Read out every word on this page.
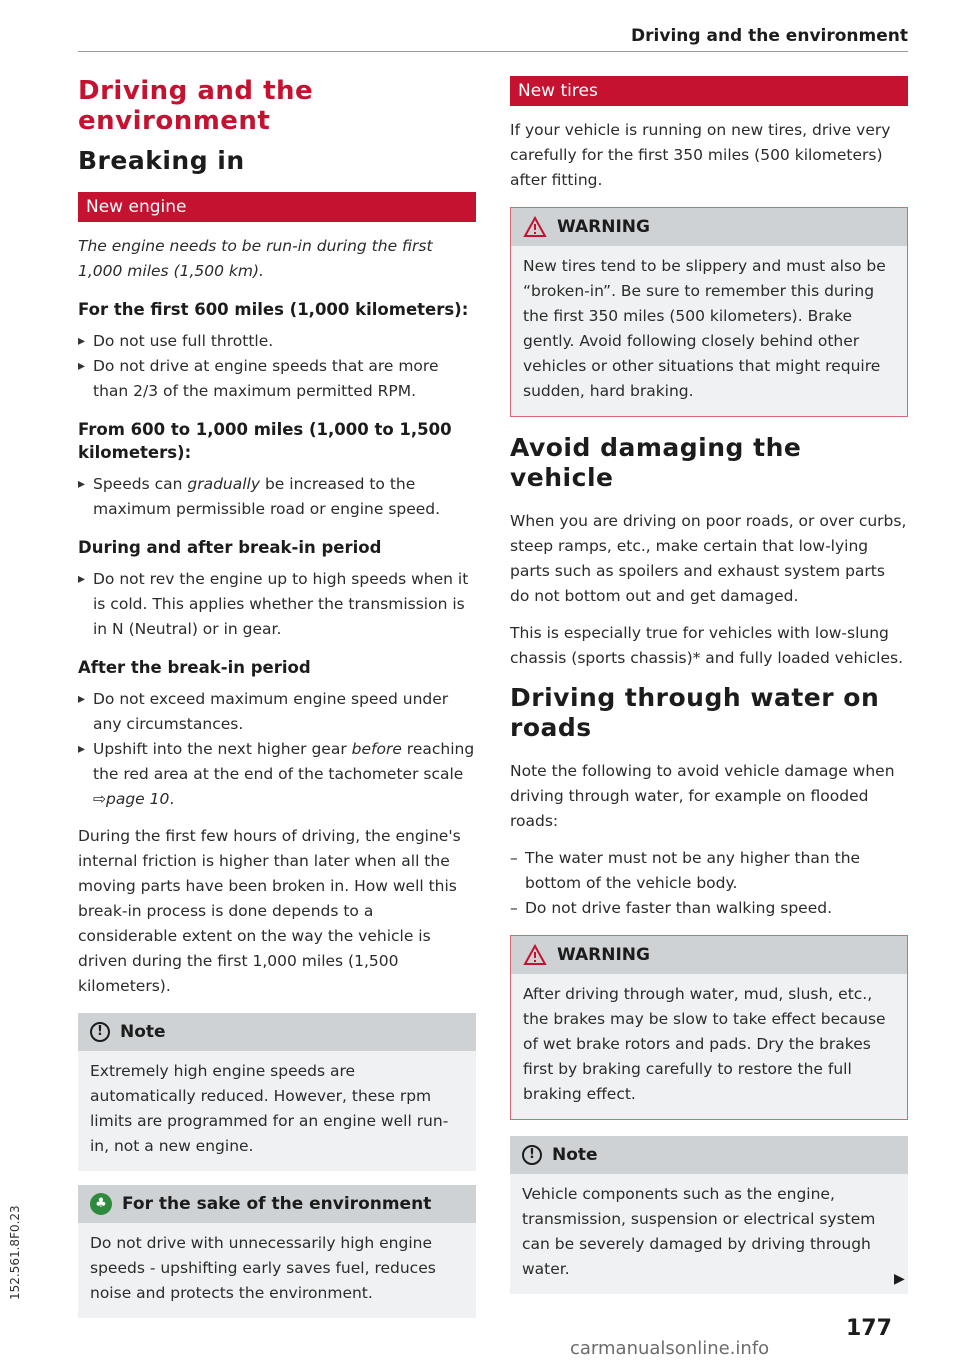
Driving and the environment
Driving and the environment
Breaking in
New engine

The engine needs to be run-in during the first 1,000 miles (1,500 km).

For the first 600 miles (1,000 kilometers):
▸ Do not use full throttle.
▸ Do not drive at engine speeds that are more than 2/3 of the maximum permitted RPM.
From 600 to 1,000 miles (1,000 to 1,500 kilometers):
▸ Speeds can gradually be increased to the maximum permissible road or engine speed.
During and after break-in period
▸ Do not rev the engine up to high speeds when it is cold. This applies whether the transmission is in N (Neutral) or in gear.
After the break-in period
▸ Do not exceed maximum engine speed under any circumstances.
▸ Upshift into the next higher gear before reaching the red area at the end of the tachometer scale ⇨page 10.

During the first few hours of driving, the engine's internal friction is higher than later when all the moving parts have been broken in. How well this break-in process is done depends to a considerable extent on the way the vehicle is driven during the first 1,000 miles (1,500 kilometers).

!	Note

Extremely high engine speeds are automatically reduced. However, these rpm limits are programmed for an engine well run-in, not a new engine.

♣ For the sake of the environment

Do not drive with unnecessarily high engine speeds - upshifting early saves fuel, reduces noise and protects the environment.

New tires

If your vehicle is running on new tires, drive very carefully for the first 350 miles (500 kilometers) after fitting.

WARNING

New tires tend to be slippery and must also be “broken-in”. Be sure to remember this during the first 350 miles (500 kilometers). Brake gently. Avoid following closely behind other vehicles or other situations that might require sudden, hard braking.

Avoid damaging the vehicle

When you are driving on poor roads, or over curbs, steep ramps, etc., make certain that low-lying parts such as spoilers and exhaust system parts do not bottom out and get damaged.

This is especially true for vehicles with low-slung chassis (sports chassis)* and fully loaded vehicles.

Driving through water on roads

Note the following to avoid vehicle damage when driving through water, for example on flooded roads:

– The water must not be any higher than the bottom of the vehicle body.
– Do not drive faster than walking speed.
WARNING

After driving through water, mud, slush, etc., the brakes may be slow to take effect because of wet brake rotors and pads. Dry the brakes first by braking carefully to restore the full braking effect.

!	Note

Vehicle components such as the engine, transmission, suspension or electrical system can be severely damaged by driving through water.

▶
177
152.561.8F0.23
carmanualsonline.info
